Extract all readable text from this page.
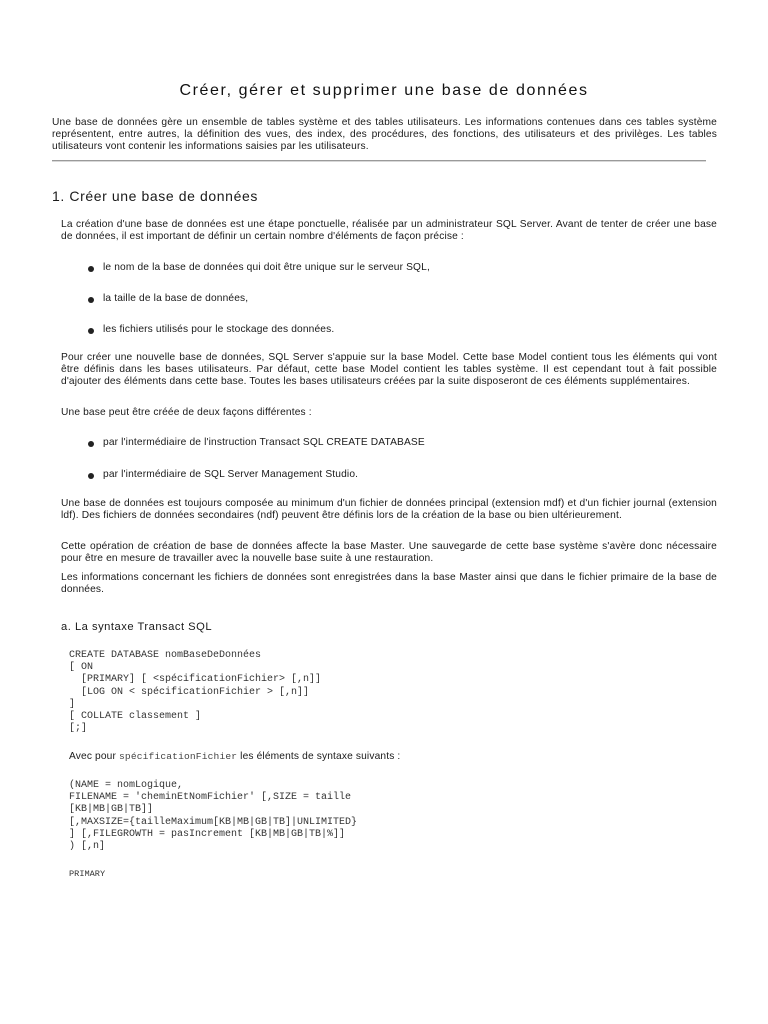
Créer, gérer et supprimer une base de données

Une base de données gère un ensemble de tables système et des tables utilisateurs. Les informations contenues dans ces tables système représentent, entre autres, la définition des vues, des index, des procédures, des fonctions, des utilisateurs et des privilèges. Les tables utilisateurs vont contenir les informations saisies par les utilisateurs.

1. Créer une base de données

La création d'une base de données est une étape ponctuelle, réalisée par un administrateur SQL Server. Avant de tenter de créer une base de données, il est important de définir un certain nombre d'éléments de façon précise :

le nom de la base de données qui doit être unique sur le serveur SQL,
la taille de la base de données,
les fichiers utilisés pour le stockage des données.

Pour créer une nouvelle base de données, SQL Server s'appuie sur la base Model. Cette base Model contient tous les éléments qui vont être définis dans les bases utilisateurs. Par défaut, cette base Model contient les tables système. Il est cependant tout à fait possible d'ajouter des éléments dans cette base. Toutes les bases utilisateurs créées par la suite disposeront de ces éléments supplémentaires.

Une base peut être créée de deux façons différentes :

par l'intermédiaire de l'instruction Transact SQL CREATE DATABASE
par l'intermédiaire de SQL Server Management Studio.

Une base de données est toujours composée au minimum d'un fichier de données principal (extension mdf) et d'un fichier journal (extension ldf). Des fichiers de données secondaires (ndf) peuvent être définis lors de la création de la base ou bien ultérieurement.

Cette opération de création de base de données affecte la base Master. Une sauvegarde de cette base système s'avère donc nécessaire pour être en mesure de travailler avec la nouvelle base suite à une restauration.

Les informations concernant les fichiers de données sont enregistrées dans la base Master ainsi que dans le fichier primaire de la base de données.

a. La syntaxe Transact SQL
CREATE DATABASE nomBaseDeDonnées
[ ON
[PRIMARY] [ <spécificationFichier> [,n]]
[LOG ON < spécificationFichier > [,n]]
]
[ COLLATE classement ]
[;]
Avec pour spécificationFichier les éléments de syntaxe suivants :
(NAME = nomLogique,
FILENAME = 'cheminEtNomFichier' [,SIZE = taille
[KB|MB|GB|TB]]
[,MAXSIZE={tailleMaximum[KB|MB|GB|TB]|UNLIMITED}
] [,FILEGROWTH = pasIncrement [KB|MB|GB|TB|%]]
) [,n]
PRIMARY
